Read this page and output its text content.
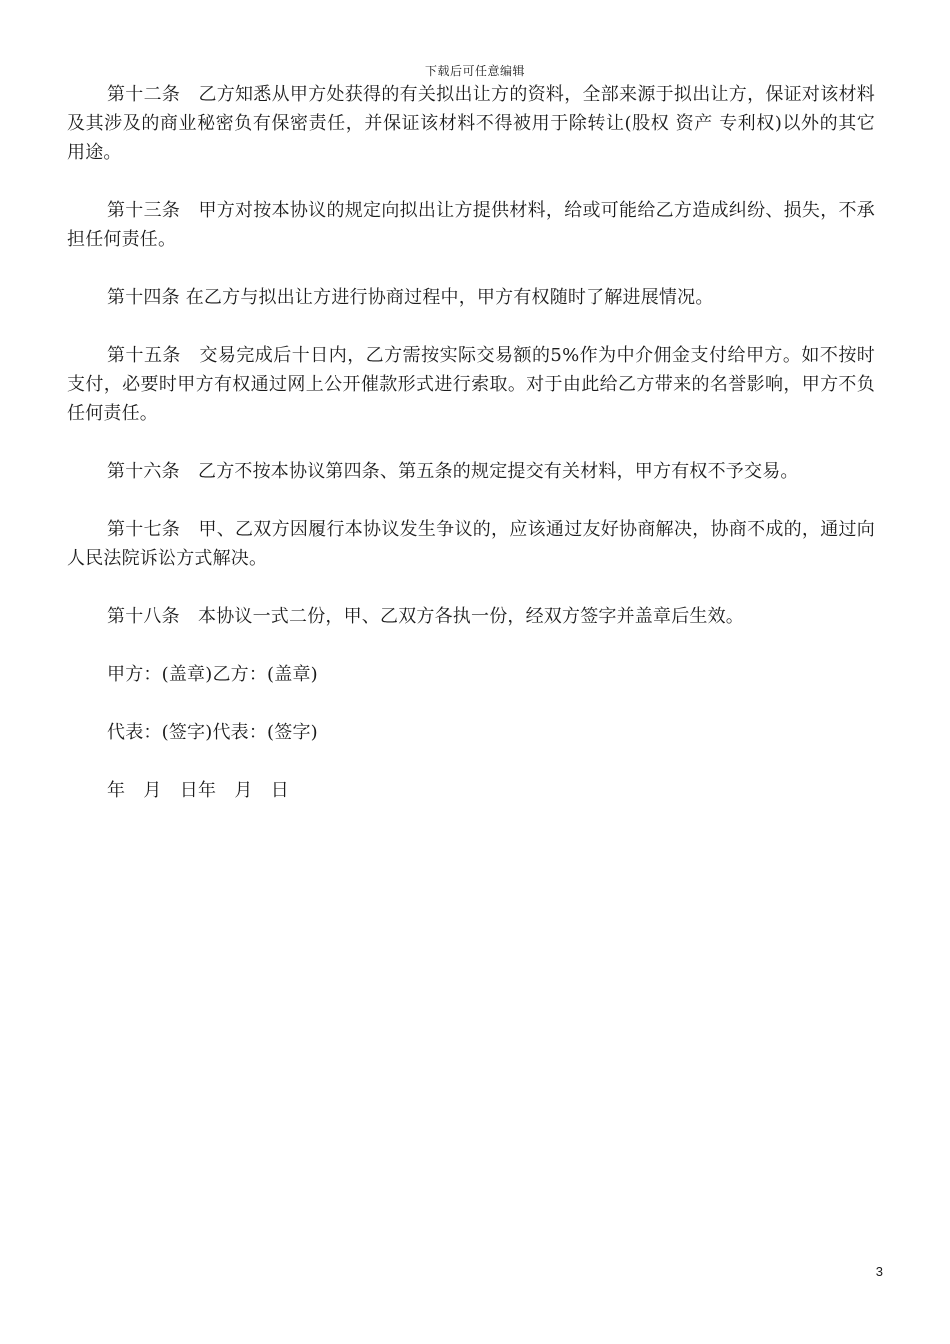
下载后可任意编辑

第十二条　乙方知悉从甲方处获得的有关拟出让方的资料，全部来源于拟出让方，保证对该材料及其涉及的商业秘密负有保密责任，并保证该材料不得被用于除转让(股权 资产 专利权)以外的其它用途。

第十三条　甲方对按本协议的规定向拟出让方提供材料，给或可能给乙方造成纠纷、损失，不承担任何责任。

第十四条 在乙方与拟出让方进行协商过程中，甲方有权随时了解进展情况。

第十五条　交易完成后十日内，乙方需按实际交易额的5%作为中介佣金支付给甲方。如不按时支付，必要时甲方有权通过网上公开催款形式进行索取。对于由此给乙方带来的名誉影响，甲方不负任何责任。

第十六条　乙方不按本协议第四条、第五条的规定提交有关材料，甲方有权不予交易。

第十七条　甲、乙双方因履行本协议发生争议的，应该通过友好协商解决，协商不成的，通过向人民法院诉讼方式解决。

第十八条　本协议一式二份，甲、乙双方各执一份，经双方签字并盖章后生效。

甲方：(盖章)乙方：(盖章)

代表：(签字)代表：(签字)

年　月　日年　月　日

3
